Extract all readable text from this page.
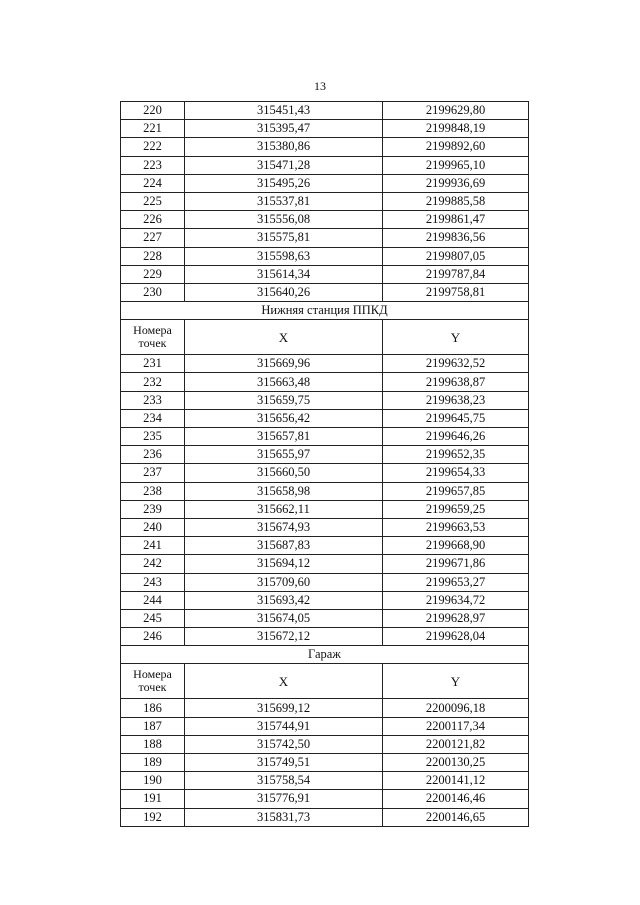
13
220	315451,43	2199629,80
221	315395,47	2199848,19
222	315380,86	2199892,60
223	315471,28	2199965,10
224	315495,26	2199936,69
225	315537,81	2199885,58
226	315556,08	2199861,47
227	315575,81	2199836,56
228	315598,63	2199807,05
229	315614,34	2199787,84
230	315640,26	2199758,81
Нижняя станция ППКД		
Номера точек	X	Y
231	315669,96	2199632,52
232	315663,48	2199638,87
233	315659,75	2199638,23
234	315656,42	2199645,75
235	315657,81	2199646,26
236	315655,97	2199652,35
237	315660,50	2199654,33
238	315658,98	2199657,85
239	315662,11	2199659,25
240	315674,93	2199663,53
241	315687,83	2199668,90
242	315694,12	2199671,86
243	315709,60	2199653,27
244	315693,42	2199634,72
245	315674,05	2199628,97
246	315672,12	2199628,04
Гараж		
Номера точек	X	Y
186	315699,12	2200096,18
187	315744,91	2200117,34
188	315742,50	2200121,82
189	315749,51	2200130,25
190	315758,54	2200141,12
191	315776,91	2200146,46
192	315831,73	2200146,65
